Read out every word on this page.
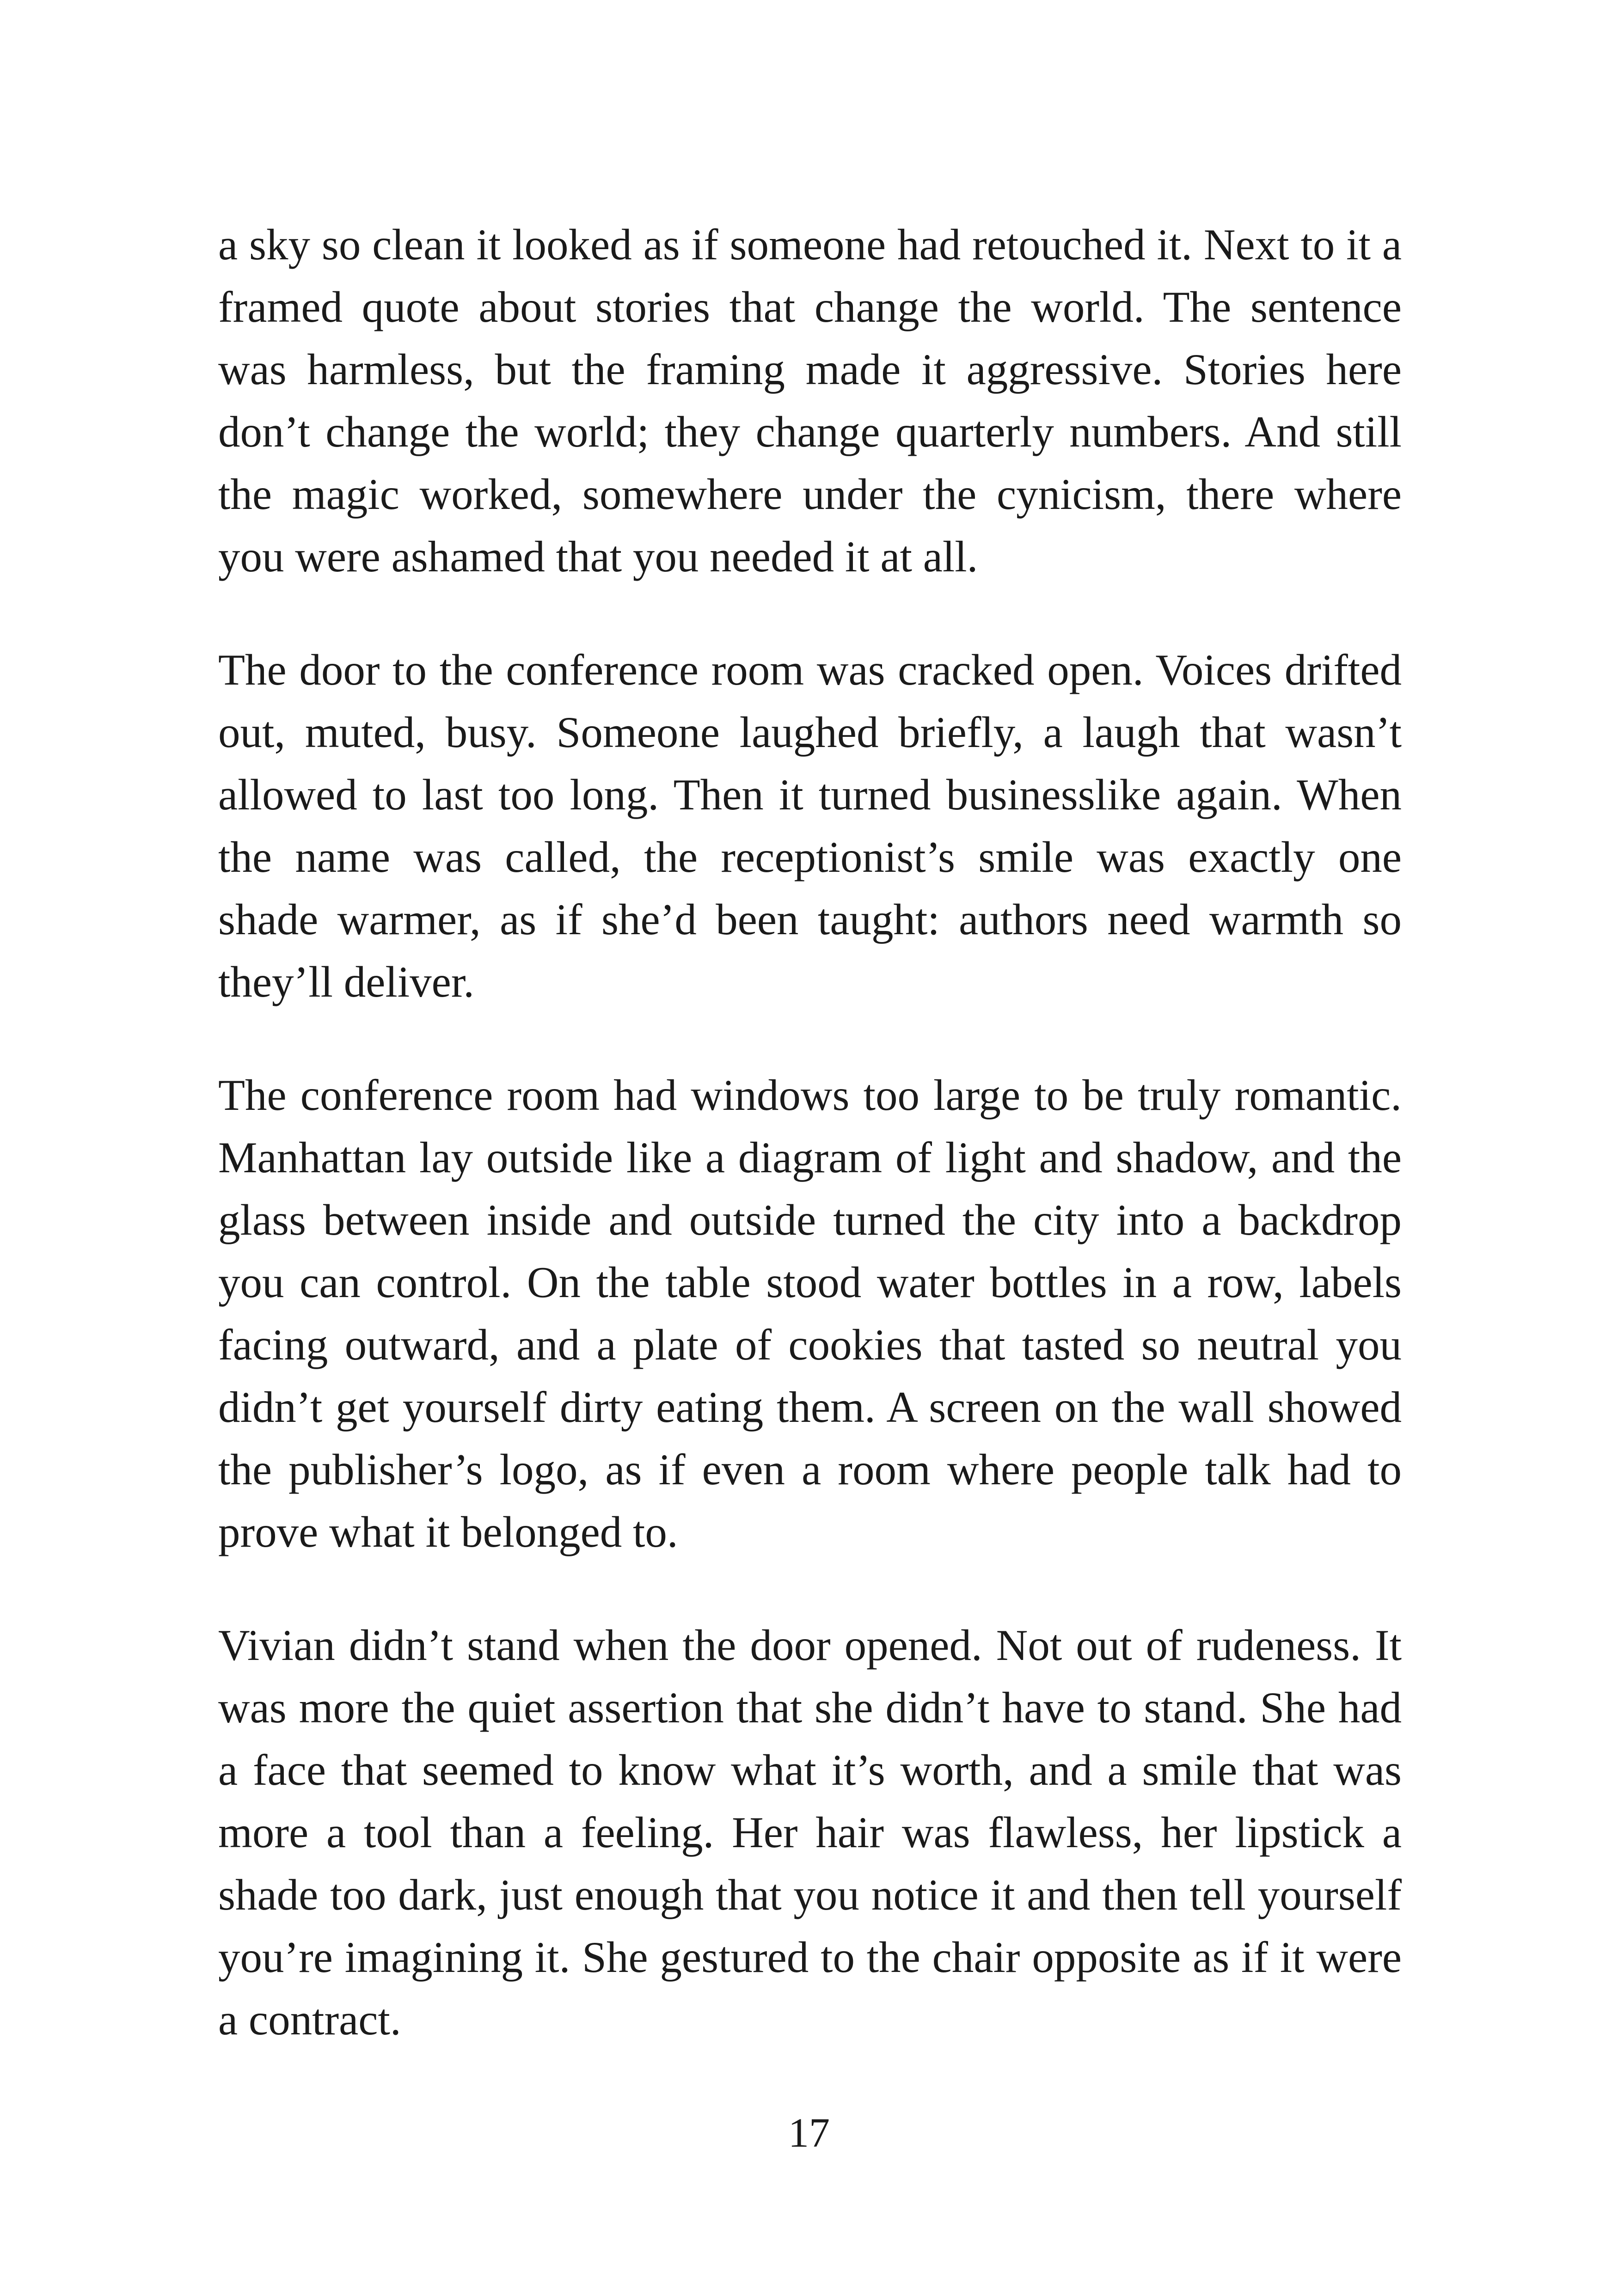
a sky so clean it looked as if someone had retouched it. Next to it a framed quote about stories that change the world. The sentence was harmless, but the framing made it aggressive. Stories here don’t change the world; they change quarterly numbers. And still the magic worked, somewhere under the cynicism, there where you were ashamed that you needed it at all.

The door to the conference room was cracked open. Voices drifted out, muted, busy. Someone laughed briefly, a laugh that wasn’t allowed to last too long. Then it turned businesslike again. When the name was called, the receptionist’s smile was exactly one shade warmer, as if she’d been taught: authors need warmth so they’ll deliver.

The conference room had windows too large to be truly romantic. Manhattan lay outside like a diagram of light and shadow, and the glass between inside and outside turned the city into a backdrop you can control. On the table stood water bottles in a row, labels facing outward, and a plate of cookies that tasted so neutral you didn’t get yourself dirty eating them. A screen on the wall showed the publisher’s logo, as if even a room where people talk had to prove what it belonged to.

Vivian didn’t stand when the door opened. Not out of rudeness. It was more the quiet assertion that she didn’t have to stand. She had a face that seemed to know what it’s worth, and a smile that was more a tool than a feeling. Her hair was flawless, her lipstick a shade too dark, just enough that you notice it and then tell yourself you’re imagining it. She gestured to the chair opposite as if it were a contract.

17
